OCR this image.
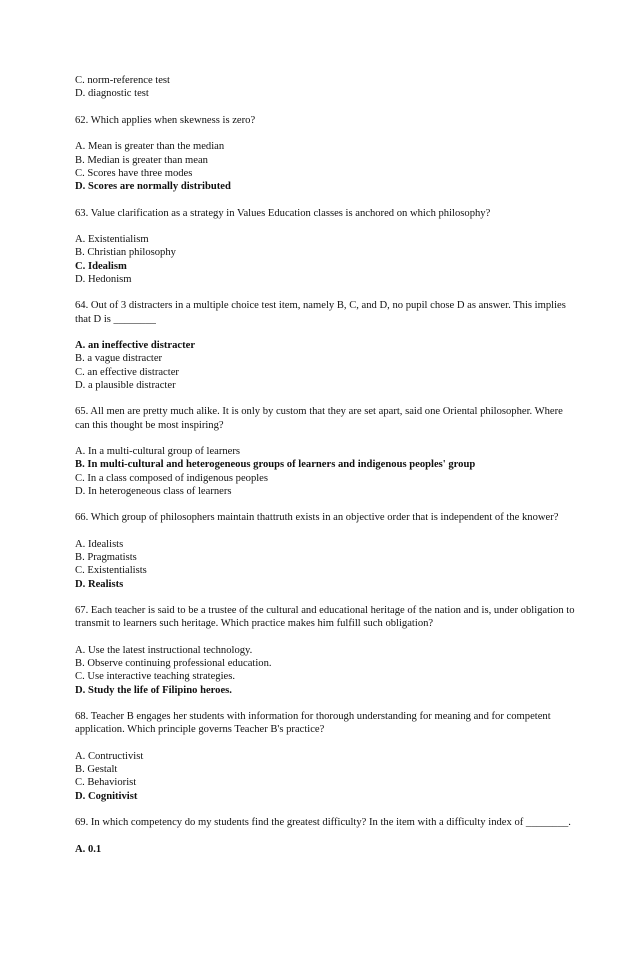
C. norm-reference test
D. diagnostic test
62. Which applies when skewness is zero?
A. Mean is greater than the median
B. Median is greater than mean
C. Scores have three modes
D. Scores are normally distributed
63. Value clarification as a strategy in Values Education classes is anchored on which philosophy?
A. Existentialism
B. Christian philosophy
C. Idealism
D. Hedonism
64. Out of 3 distracters in a multiple choice test item, namely B, C, and D, no pupil chose D as answer. This implies that D is ________
A. an ineffective distracter
B. a vague distracter
C. an effective distracter
D. a plausible distracter
65. All men are pretty much alike. It is only by custom that they are set apart, said one Oriental philosopher. Where can this thought be most inspiring?
A. In a multi-cultural group of learners
B. In multi-cultural and heterogeneous groups of learners and indigenous peoples' group
C. In a class composed of indigenous peoples
D. In heterogeneous class of learners
66. Which group of philosophers maintain thattruth exists in an objective order that is independent of the knower?
A. Idealists
B. Pragmatists
C. Existentialists
D. Realists
67. Each teacher is said to be a trustee of the cultural and educational heritage of the nation and is, under obligation to transmit to learners such heritage. Which practice makes him fulfill such obligation?
A. Use the latest instructional technology.
B. Observe continuing professional education.
C. Use interactive teaching strategies.
D. Study the life of Filipino heroes.
68. Teacher B engages her students with information for thorough understanding for meaning and for competent application. Which principle governs Teacher B's practice?
A. Contructivist
B. Gestalt
C. Behaviorist
D. Cognitivist
69. In which competency do my students find the greatest difficulty? In the item with a difficulty index of ________.
A. 0.1
